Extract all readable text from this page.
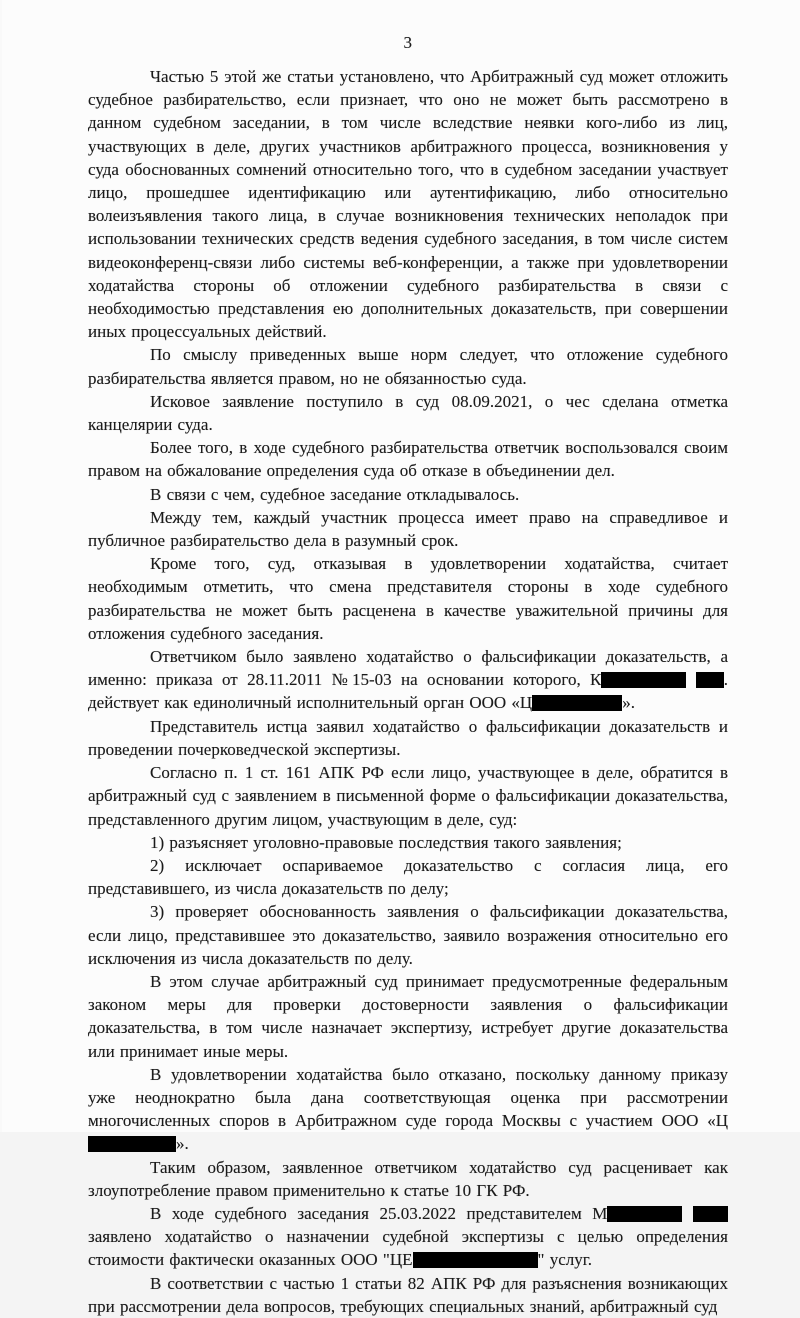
3

Частью 5 этой же статьи установлено, что Арбитражный суд может отложить судебное разбирательство, если признает, что оно не может быть рассмотрено в данном судебном заседании, в том числе вследствие неявки кого-либо из лиц, участвующих в деле, других участников арбитражного процесса, возникновения у суда обоснованных сомнений относительно того, что в судебном заседании участвует лицо, прошедшее идентификацию или аутентификацию, либо относительно волеизъявления такого лица, в случае возникновения технических неполадок при использовании технических средств ведения судебного заседания, в том числе систем видеоконференц-связи либо системы веб-конференции, а также при удовлетворении ходатайства стороны об отложении судебного разбирательства в связи с необходимостью представления ею дополнительных доказательств, при совершении иных процессуальных действий.

По смыслу приведенных выше норм следует, что отложение судебного разбирательства является правом, но не обязанностью суда.

Исковое заявление поступило в суд 08.09.2021, о чес сделана отметка канцелярии суда.

Более того, в ходе судебного разбирательства ответчик воспользовался своим правом на обжалование определения суда об отказе в объединении дел.

В связи с чем, судебное заседание откладывалось.

Между тем, каждый участник процесса имеет право на справедливое и публичное разбирательство дела в разумный срок.

Кроме того, суд, отказывая в удовлетворении ходатайства, считает необходимым отметить, что смена представителя стороны в ходе судебного разбирательства не может быть расценена в качестве уважительной причины для отложения судебного заседания.

Ответчиком было заявлено ходатайство о фальсификации доказательств, а именно: приказа от 28.11.2011 №15-03 на основании которого, К	. действует как единоличный исполнительный орган ООО «Ц	».

Представитель истца заявил ходатайство о фальсификации доказательств и проведении почерковедческой экспертизы.

Согласно п. 1 ст. 161 АПК РФ если лицо, участвующее в деле, обратится в арбитражный суд с заявлением в письменной форме о фальсификации доказательства, представленного другим лицом, участвующим в деле, суд:

1) разъясняет уголовно-правовые последствия такого заявления;

2) исключает оспариваемое доказательство с согласия лица, его представившего, из числа доказательств по делу;

3) проверяет обоснованность заявления о фальсификации доказательства, если лицо, представившее это доказательство, заявило возражения относительно его исключения из числа доказательств по делу.

В этом случае арбитражный суд принимает предусмотренные федеральным законом меры для проверки достоверности заявления о фальсификации доказательства, в том числе назначает экспертизу, истребует другие доказательства или принимает иные меры.

В удовлетворении ходатайства было отказано, поскольку данному приказу уже неоднократно была дана соответствующая оценка при рассмотрении многочисленных споров в Арбитражном суде города Москвы с участием ООО «Ц».

Таким образом, заявленное ответчиком ходатайство суд расценивает как злоупотребление правом применительно к статье 10 ГК РФ.

В ходе судебного заседания 25.03.2022 представителем М  заявлено ходатайство о назначении судебной экспертизы с целью определения стоимости фактически оказанных ООО "ЦЕ	" услуг.

В соответствии с частью 1 статьи 82 АПК РФ для разъяснения возникающих при рассмотрении дела вопросов, требующих специальных знаний, арбитражный суд
